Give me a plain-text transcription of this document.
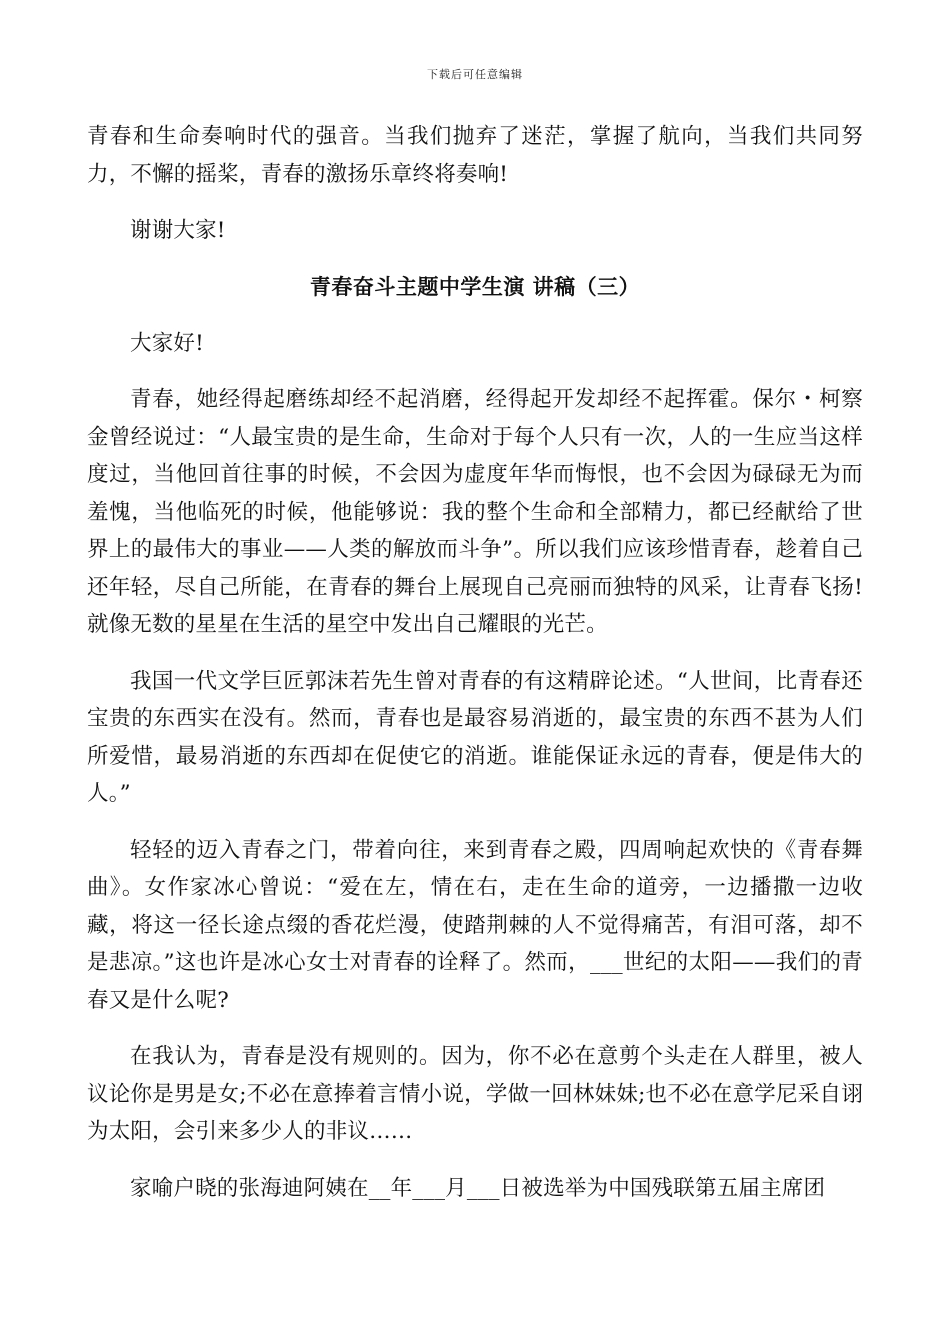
下载后可任意编辑

青春和生命奏响时代的强音。当我们抛弃了迷茫，掌握了航向，当我们共同努力，不懈的摇桨，青春的激扬乐章终将奏响!

谢谢大家!

青春奋斗主题中学生演 讲稿（三）

大家好!

青春，她经得起磨练却经不起消磨，经得起开发却经不起挥霍。保尔・柯察金曾经说过：“人最宝贵的是生命，生命对于每个人只有一次，人的一生应当这样度过，当他回首往事的时候，不会因为虚度年华而悔恨，也不会因为碌碌无为而羞愧，当他临死的时候，他能够说：我的整个生命和全部精力，都已经献给了世界上的最伟大的事业——人类的解放而斗争”。所以我们应该珍惜青春，趁着自己还年轻，尽自己所能，在青春的舞台上展现自己亮丽而独特的风采，让青春飞扬!就像无数的星星在生活的星空中发出自己耀眼的光芒。

我国一代文学巨匠郭沫若先生曾对青春的有这精辟论述。“人世间，比青春还宝贵的东西实在没有。然而，青春也是最容易消逝的，最宝贵的东西不甚为人们所爱惜，最易消逝的东西却在促使它的消逝。谁能保证永远的青春，便是伟大的人。”

轻轻的迈入青春之门，带着向往，来到青春之殿，四周响起欢快的《青春舞曲》。女作家冰心曾说：“爱在左，情在右，走在生命的道旁，一边播撒一边收藏，将这一径长途点缀的香花烂漫，使踏荆棘的人不觉得痛苦，有泪可落，却不是悲凉。”这也许是冰心女士对青春的诠释了。然而，___世纪的太阳——我们的青春又是什么呢?

在我认为，青春是没有规则的。因为，你不必在意剪个头走在人群里，被人议论你是男是女;不必在意捧着言情小说，学做一回林妹妹;也不必在意学尼采自诩为太阳，会引来多少人的非议……

家喻户晓的张海迪阿姨在__年___月___日被选举为中国残联第五届主席团
